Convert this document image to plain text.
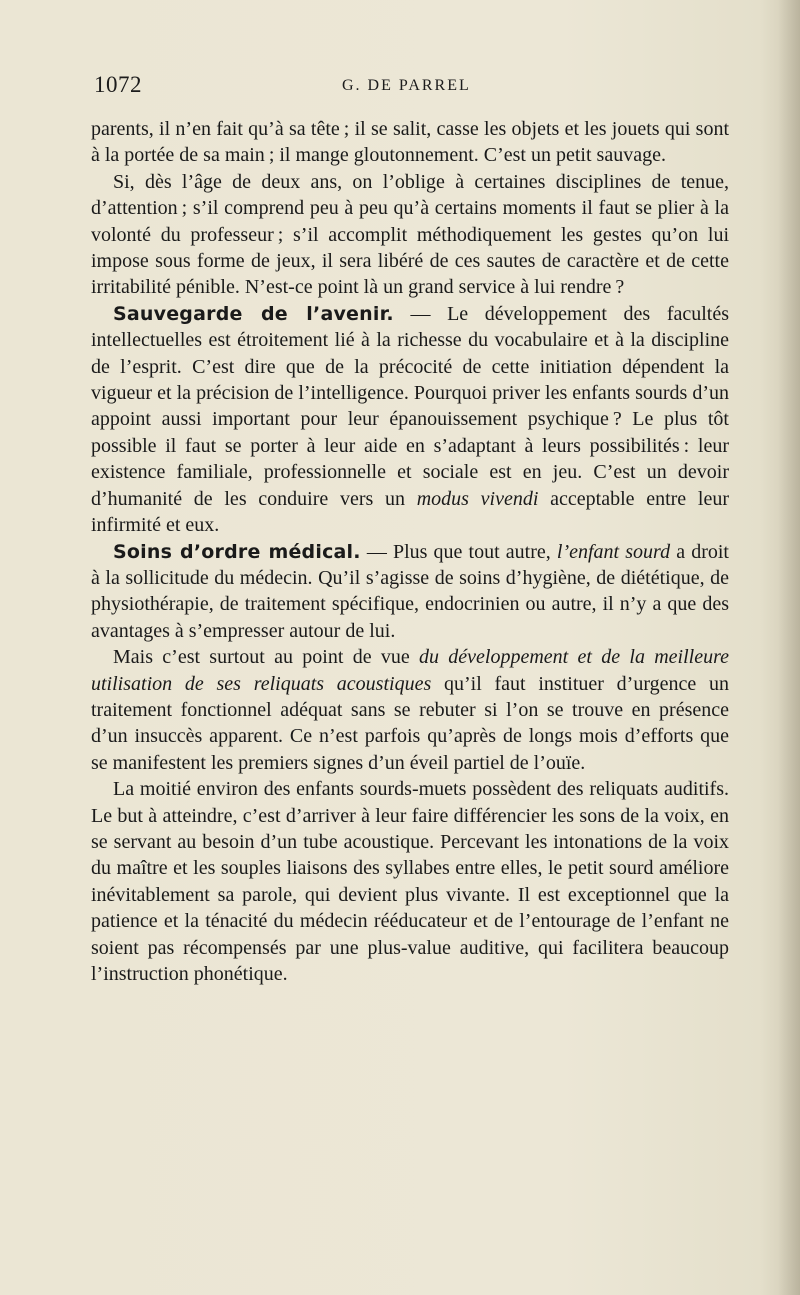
1072	G. DE PARREL

parents, il n’en fait qu’à sa tête ; il se salit, casse les objets et les jouets qui sont à la portée de sa main ; il mange gloutonnement. C’est un petit sauvage.

Si, dès l’âge de deux ans, on l’oblige à certaines disciplines de tenue, d’attention ; s’il comprend peu à peu qu’à certains moments il faut se plier à la volonté du professeur ; s’il accomplit méthodiquement les gestes qu’on lui impose sous forme de jeux, il sera libéré de ces sautes de caractère et de cette irritabilité pénible. N’est-ce point là un grand service à lui rendre ?

Sauvegarde de l’avenir. — Le développement des facultés intellectuelles est étroitement lié à la richesse du vocabulaire et à la discipline de l’esprit. C’est dire que de la précocité de cette initiation dépendent la vigueur et la précision de l’intelligence. Pourquoi priver les enfants sourds d’un appoint aussi important pour leur épanouissement psychique ? Le plus tôt possible il faut se porter à leur aide en s’adaptant à leurs possibilités : leur existence familiale, professionnelle et sociale est en jeu. C’est un devoir d’humanité de les conduire vers un modus vivendi acceptable entre leur infirmité et eux.

Soins d’ordre médical. — Plus que tout autre, l’enfant sourd a droit à la sollicitude du médecin. Qu’il s’agisse de soins d’hygiène, de diététique, de physiothérapie, de traitement spécifique, endocrinien ou autre, il n’y a que des avantages à s’empresser autour de lui.

Mais c’est surtout au point de vue du développement et de la meilleure utilisation de ses reliquats acoustiques qu’il faut instituer d’urgence un traitement fonctionnel adéquat sans se rebuter si l’on se trouve en présence d’un insuccès apparent. Ce n’est parfois qu’après de longs mois d’efforts que se manifestent les premiers signes d’un éveil partiel de l’ouïe.

La moitié environ des enfants sourds-muets possèdent des reliquats auditifs. Le but à atteindre, c’est d’arriver à leur faire différencier les sons de la voix, en se servant au besoin d’un tube acoustique. Percevant les intonations de la voix du maître et les souples liaisons des syllabes entre elles, le petit sourd améliore inévitablement sa parole, qui devient plus vivante. Il est exceptionnel que la patience et la ténacité du médecin rééducateur et de l’entourage de l’enfant ne soient pas récompensés par une plus-value auditive, qui facilitera beaucoup l’instruction phonétique.
